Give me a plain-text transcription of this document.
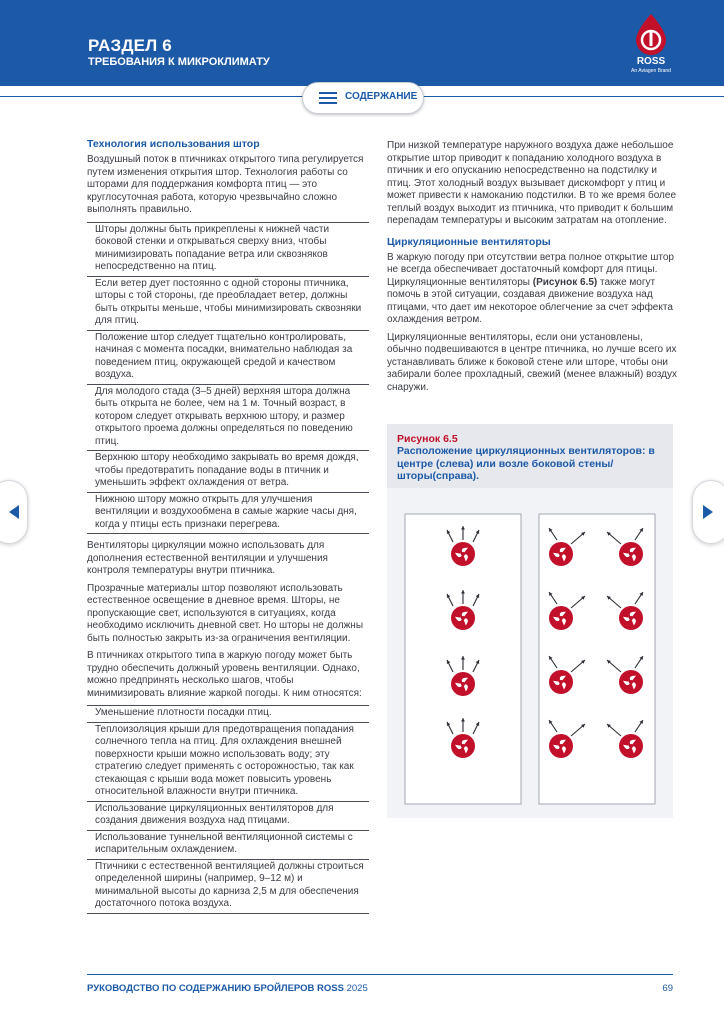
РАЗДЕЛ 6
ТРЕБОВАНИЯ К МИКРОКЛИМАТУ	ROSS
An Aviagen Brand
СОДЕРЖАНИЕ
Технология использования штор

Воздушный поток в птичниках открытого типа регулируется путем изменения открытия штор. Технология работы со шторами для поддержания комфорта птиц — это круглосуточная работа, которую чрезвычайно сложно выполнять правильно.

Шторы должны быть прикреплены к нижней части боковой стенки и открываться сверху вниз, чтобы минимизировать попадание ветра или сквозняков непосредственно на птиц.
Если ветер дует постоянно с одной стороны птичника, шторы с той стороны, где преобладает ветер, должны быть открыты меньше, чтобы минимизировать сквозняки для птиц.
Положение штор следует тщательно контролировать, начиная с момента посадки, внимательно наблюдая за поведением птиц, окружающей средой и качеством воздуха.
Для молодого стада (3–5 дней) верхняя штора должна быть открыта не более, чем на 1 м. Точный возраст, в котором следует открывать верхнюю штору, и размер открытого проема должны определяться по поведению птиц.
Верхнюю штору необходимо закрывать во время дождя, чтобы предотвратить попадание воды в птичник и уменьшить эффект охлаждения от ветра.
Нижнюю штору можно открыть для улучшения вентиляции и воздухообмена в самые жаркие часы дня, когда у птицы есть признаки перегрева.

Вентиляторы циркуляции можно использовать для дополнения естественной вентиляции и улучшения контроля температуры внутри птичника.

Прозрачные материалы штор позволяют использовать естественное освещение в дневное время. Шторы, не пропускающие свет, используются в ситуациях, когда необходимо исключить дневной свет. Но шторы не должны быть полностью закрыть из-за ограничения вентиляции.

В птичниках открытого типа в жаркую погоду может быть трудно обеспечить должный уровень вентиляции. Однако, можно предпринять несколько шагов, чтобы минимизировать влияние жаркой погоды. К ним относятся:

Уменьшение плотности посадки птиц.
Теплоизоляция крыши для предотвращения попадания солнечного тепла на птиц. Для охлаждения внешней поверхности крыши можно использовать воду; эту стратегию следует применять с осторожностью, так как стекающая с крыши вода может повысить уровень относительной влажности внутри птичника.
Использование циркуляционных вентиляторов для создания движения воздуха над птицами.
Использование туннельной вентиляционной системы с испарительным охлаждением.
Птичники с естественной вентиляцией должны строиться определенной ширины (например, 9–12 м) и минимальной высоты до карниза 2,5 м для обеспечения достаточного потока воздуха.

При низкой температуре наружного воздуха даже небольшое открытие штор приводит к попаданию холодного воздуха в птичник и его опусканию непосредственно на подстилку и птиц. Этот холодный воздух вызывает дискомфорт у птиц и может привести к намоканию подстилки. В то же время более теплый воздух выходит из птичника, что приводит к большим перепадам температуры и высоким затратам на отопление.

Циркуляционные вентиляторы

В жаркую погоду при отсутствии ветра полное открытие штор не всегда обеспечивает достаточный комфорт для птицы. Циркуляционные вентиляторы (Рисунок 6.5) также могут помочь в этой ситуации, создавая движение воздуха над птицами, что дает им некоторое облегчение за счет эффекта охлаждения ветром.

Циркуляционные вентиляторы, если они установлены, обычно подвешиваются в центре птичника, но лучше всего их устанавливать ближе к боковой стене или шторе, чтобы они забирали более прохладный, свежий (менее влажный) воздух снаружи.

Рисунок 6.5
Расположение циркуляционных вентиляторов: в центре (слева) или возле боковой стены/шторы(справа).
РУКОВОДСТВО ПО СОДЕРЖАНИЮ БРОЙЛЕРОВ ROSS 2025	69
